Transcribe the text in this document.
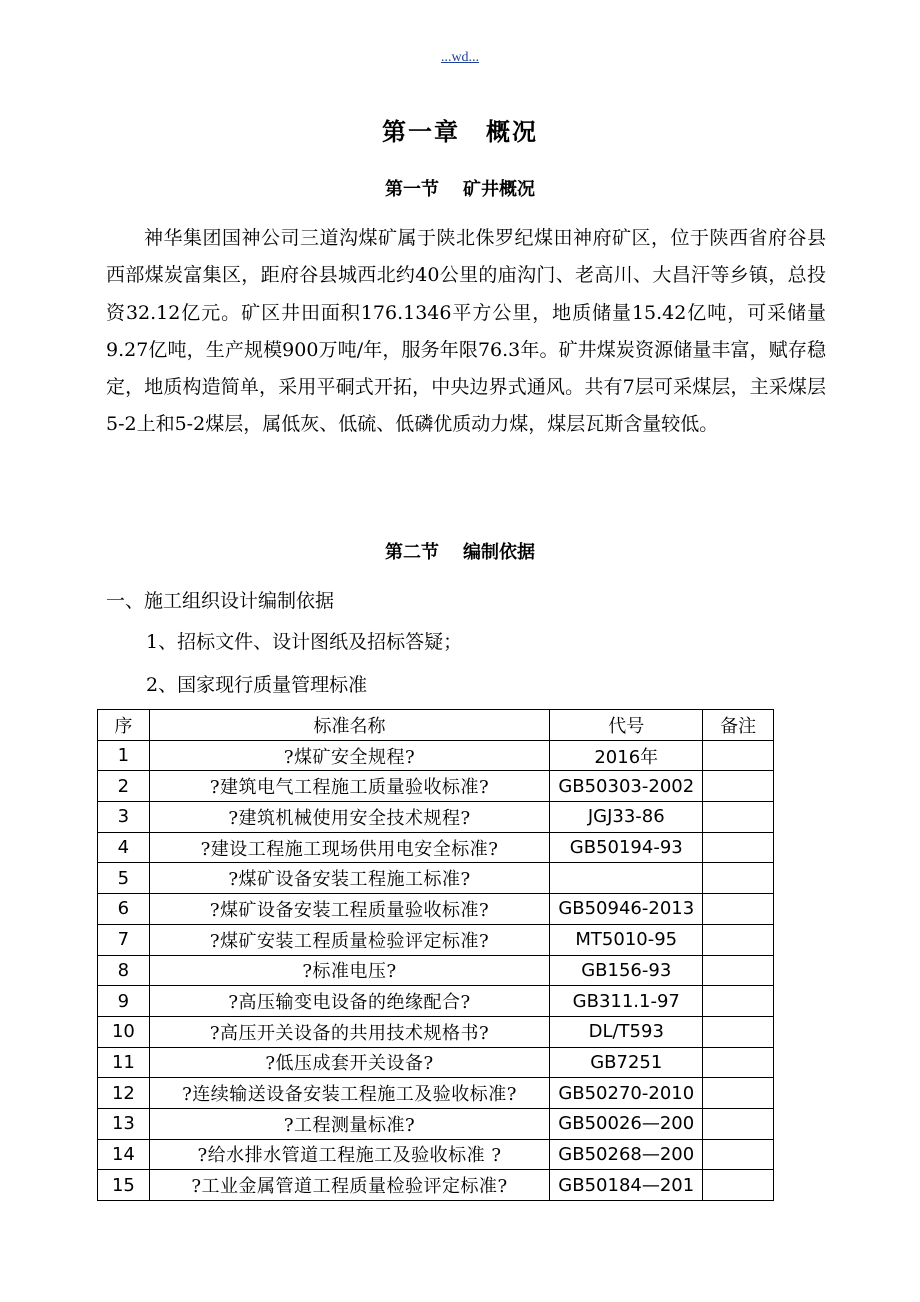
...wd...
第一章　概况
第一节 矿井概况
神华集团国神公司三道沟煤矿属于陕北侏罗纪煤田神府矿区，位于陕西省府谷县西部煤炭富集区，距府谷县城西北约40公里的庙沟门、老高川、大昌汗等乡镇，总投资32.12亿元。矿区井田面积176.1346平方公里，地质储量15.42亿吨，可采储量9.27亿吨，生产规模900万吨/年，服务年限76.3年。矿井煤炭资源储量丰富，赋存稳定，地质构造简单，采用平硐式开拓，中央边界式通风。共有7层可采煤层，主采煤层5-2上和5-2煤层，属低灰、低硫、低磷优质动力煤，煤层瓦斯含量较低。
第二节 编制依据
一、施工组织设计编制依据
1、招标文件、设计图纸及招标答疑；
2、国家现行质量管理标准
序	标准名称	代号	备注
1	?煤矿安全规程?	2016年	
2	?建筑电气工程施工质量验收标准?	GB50303-2002	
3	?建筑机械使用安全技术规程?	JGJ33-86	
4	?建设工程施工现场供用电安全标准?	GB50194-93	
5	?煤矿设备安装工程施工标准?		
6	?煤矿设备安装工程质量验收标准?	GB50946-2013	
7	?煤矿安装工程质量检验评定标准?	MT5010-95	
8	?标准电压?	GB156-93	
9	?高压输变电设备的绝缘配合?	GB311.1-97	
10	?高压开关设备的共用技术规格书?	DL/T593	
11	?低压成套开关设备?	GB7251	
12	?连续输送设备安装工程施工及验收标准?	GB50270-2010	
13	?工程测量标准?	GB50026—200	
14	?给水排水管道工程施工及验收标准 ?	GB50268—200	
15	?工业金属管道工程质量检验评定标准?	GB50184—201	
